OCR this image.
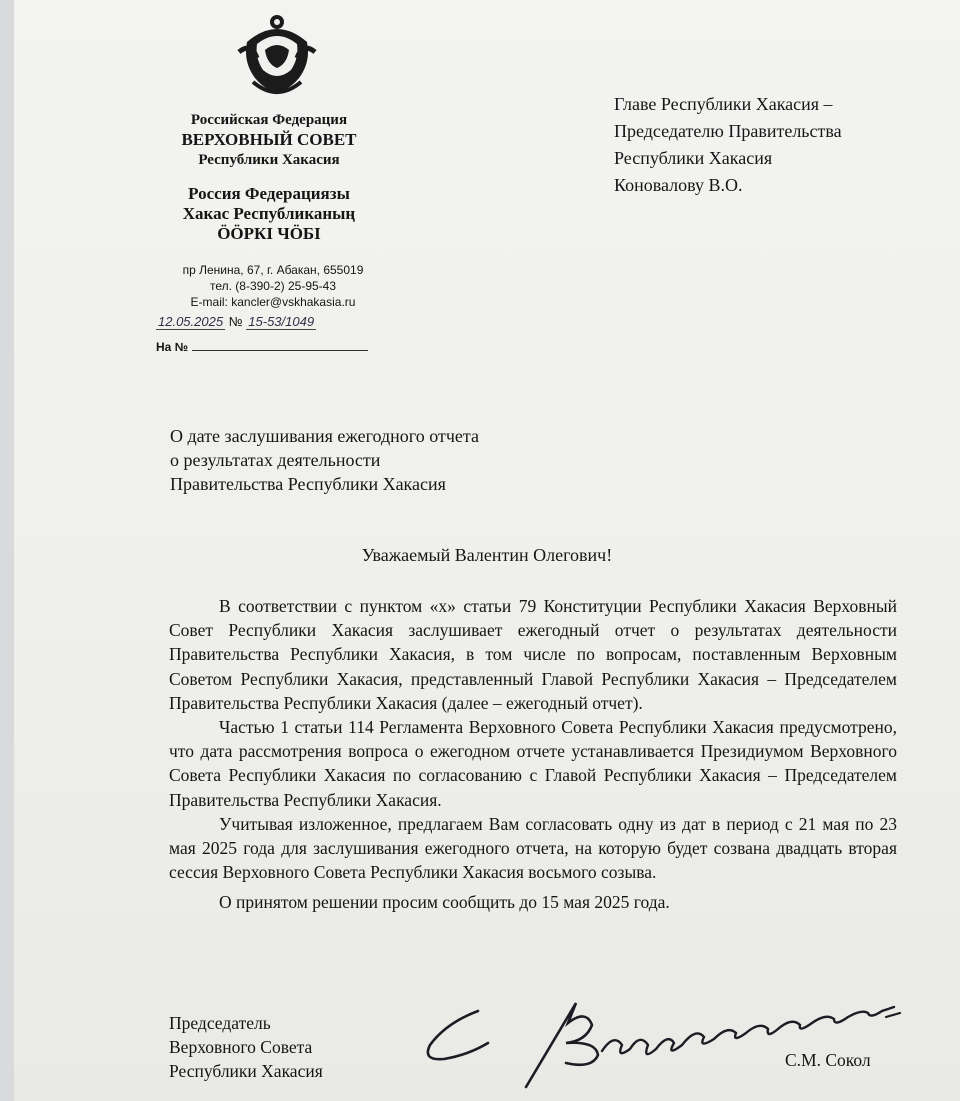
Российская Федерация
ВЕРХОВНЫЙ СОВЕТ
Республики Хакасия
Россия Федерациязы
Хакас Республиканың
ӦӦРКІ ЧӦБІ
пр Ленина, 67, г. Абакан, 655019
тел. (8-390-2) 25-95-43
E-mail: kancler@vskhakasia.ru
12.05.2025 № 15-53/1049
На №
Главе Республики Хакасия –
Председателю Правительства
Республики Хакасия
Коновалову В.О.
О дате заслушивания ежегодного отчета
о результатах деятельности
Правительства Республики Хакасия
Уважаемый Валентин Олегович!

В соответствии с пунктом «х» статьи 79 Конституции Республики Хакасия Верховный Совет Республики Хакасия заслушивает ежегодный отчет о результатах деятельности Правительства Республики Хакасия, в том числе по вопросам, поставленным Верховным Советом Республики Хакасия, представленный Главой Республики Хакасия – Председателем Правительства Республики Хакасия (далее – ежегодный отчет).

Частью 1 статьи 114 Регламента Верховного Совета Республики Хакасия предусмотрено, что дата рассмотрения вопроса о ежегодном отчете устанавливается Президиумом Верховного Совета Республики Хакасия по согласованию с Главой Республики Хакасия – Председателем Правительства Республики Хакасия.

Учитывая изложенное, предлагаем Вам согласовать одну из дат в период с 21 мая по 23 мая 2025 года для заслушивания ежегодного отчета, на которую будет созвана двадцать вторая сессия Верховного Совета Республики Хакасия восьмого созыва.

О принятом решении просим сообщить до 15 мая 2025 года.

Председатель
Верховного Совета
Республики Хакасия
С.М. Сокол
